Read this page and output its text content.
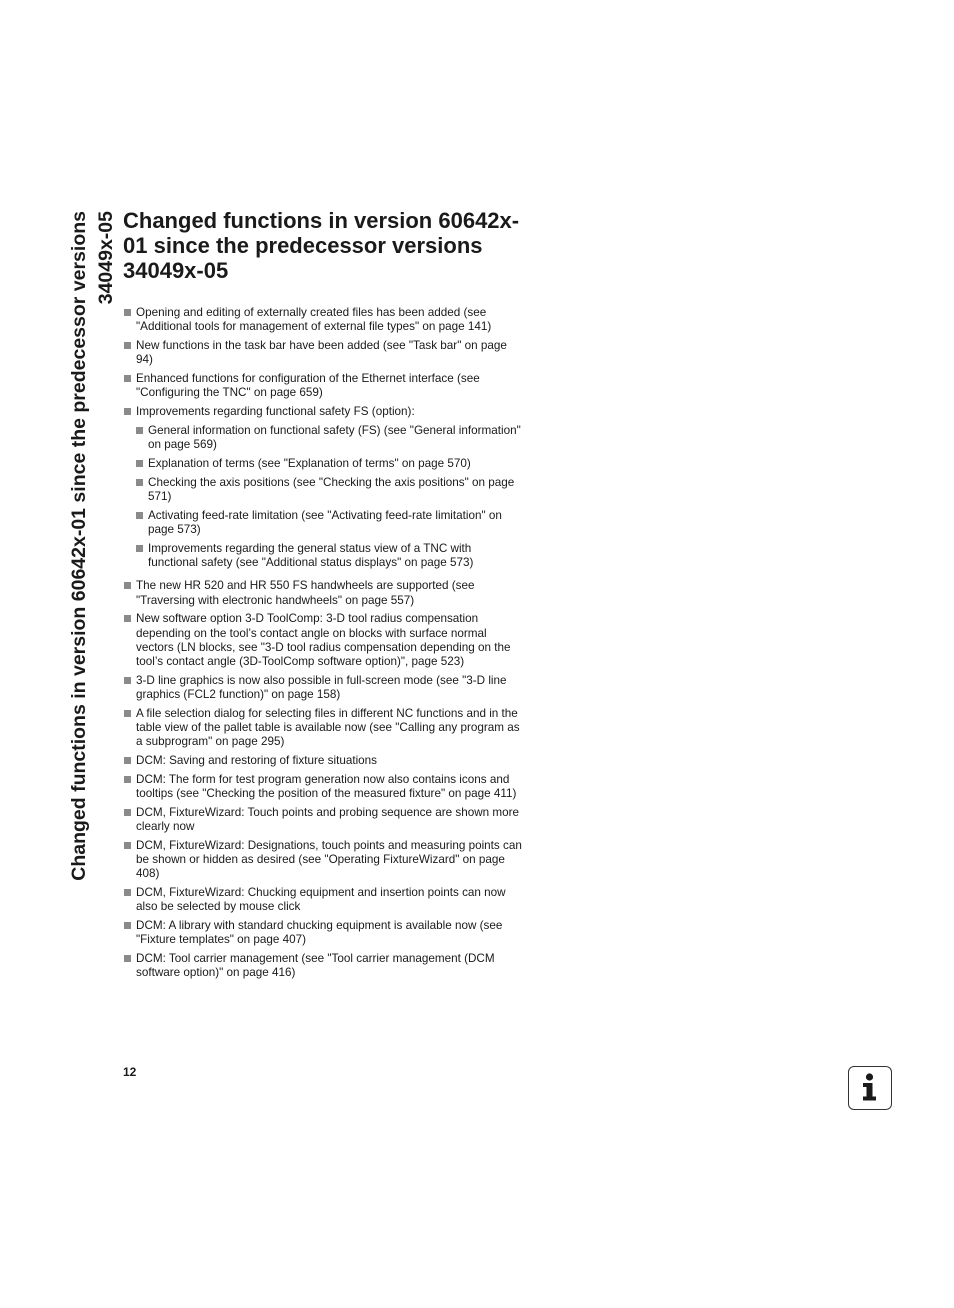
Changed functions in version 60642x-01 since the predecessor versions 34049x-05 Changed functions in version 60642x-01 since the predecessor versions 34049x-05
Opening and editing of externally created files has been added (see "Additional tools for management of external file types" on page 141)
New functions in the task bar have been added (see "Task bar" on page 94)
Enhanced functions for configuration of the Ethernet interface (see "Configuring the TNC" on page 659)
Improvements regarding functional safety FS (option):
General information on functional safety (FS) (see "General information" on page 569)
Explanation of terms (see "Explanation of terms" on page 570)
Checking the axis positions (see "Checking the axis positions" on page 571)
Activating feed-rate limitation (see "Activating feed-rate limitation" on page 573)
Improvements regarding the general status view of a TNC with functional safety (see "Additional status displays" on page 573)
The new HR 520 and HR 550 FS handwheels are supported (see "Traversing with electronic handwheels" on page 557)
New software option 3-D ToolComp: 3-D tool radius compensation depending on the tool’s contact angle on blocks with surface normal vectors (LN blocks, see "3-D tool radius compensation depending on the tool’s contact angle (3D-ToolComp software option)", page 523)
3-D line graphics is now also possible in full-screen mode (see "3-D line graphics (FCL2 function)" on page 158)
A file selection dialog for selecting files in different NC functions and in the table view of the pallet table is available now (see "Calling any program as a subprogram" on page 295)
DCM: Saving and restoring of fixture situations
DCM: The form for test program generation now also contains icons and tooltips (see "Checking the position of the measured fixture" on page 411)
DCM, FixtureWizard: Touch points and probing sequence are shown more clearly now
DCM, FixtureWizard: Designations, touch points and measuring points can be shown or hidden as desired (see "Operating FixtureWizard" on page 408)
DCM, FixtureWizard: Chucking equipment and insertion points can now also be selected by mouse click
DCM: A library with standard chucking equipment is available now (see "Fixture templates" on page 407)
DCM: Tool carrier management (see "Tool carrier management (DCM software option)" on page 416)
12
